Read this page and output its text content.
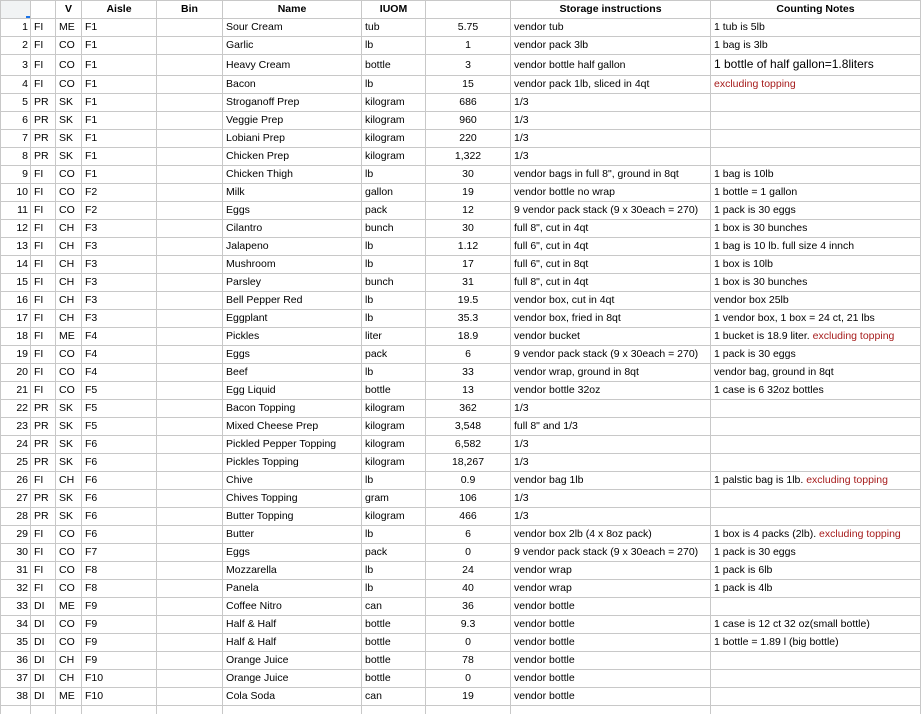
		V	Aisle	Bin	Name	IUOM		Storage instructions	Counting Notes
1	FI	ME	F1		Sour Cream	tub	5.75	vendor tub	1 tub is 5lb
2	FI	CO	F1		Garlic	lb	1	vendor pack 3lb	1 bag is 3lb
3	FI	CO	F1		Heavy Cream	bottle	3	vendor bottle half gallon	1 bottle of half gallon=1.8liters
4	FI	CO	F1		Bacon	lb	15	vendor pack 1lb, sliced in 4qt	excluding topping
5	PR	SK	F1		Stroganoff Prep	kilogram	686	1/3	
6	PR	SK	F1		Veggie Prep	kilogram	960	1/3	
7	PR	SK	F1		Lobiani Prep	kilogram	220	1/3	
8	PR	SK	F1		Chicken Prep	kilogram	1,322	1/3	
9	FI	CO	F1		Chicken Thigh	lb	30	vendor bags in full 8", ground in 8qt	1 bag is 10lb
10	FI	CO	F2		Milk	gallon	19	vendor bottle no wrap	1 bottle = 1 gallon
11	FI	CO	F2		Eggs	pack	12	9 vendor pack stack (9 x 30each = 270)	1 pack is 30 eggs
12	FI	CH	F3		Cilantro	bunch	30	full 8", cut in 4qt	1 box is 30 bunches
13	FI	CH	F3		Jalapeno	lb	1.12	full 6", cut in 4qt	1 bag is 10 lb. full size 4 innch
14	FI	CH	F3		Mushroom	lb	17	full 6", cut in 8qt	1 box is 10lb
15	FI	CH	F3		Parsley	bunch	31	full 8", cut in 4qt	1 box is 30 bunches
16	FI	CH	F3		Bell Pepper Red	lb	19.5	vendor box, cut in 4qt	vendor box 25lb
17	FI	CH	F3		Eggplant	lb	35.3	vendor box, fried in 8qt	1 vendor box, 1 box = 24 ct, 21 lbs
18	FI	ME	F4		Pickles	liter	18.9	vendor bucket	1 bucket is 18.9 liter. excluding topping
19	FI	CO	F4		Eggs	pack	6	9 vendor pack stack (9 x 30each = 270)	1 pack is 30 eggs
20	FI	CO	F4		Beef	lb	33	vendor wrap, ground in 8qt	vendor bag, ground in 8qt
21	FI	CO	F5		Egg Liquid	bottle	13	vendor bottle 32oz	1 case is 6 32oz bottles
22	PR	SK	F5		Bacon Topping	kilogram	362	1/3	
23	PR	SK	F5		Mixed Cheese Prep	kilogram	3,548	full 8" and 1/3	
24	PR	SK	F6		Pickled Pepper Topping	kilogram	6,582	1/3	
25	PR	SK	F6		Pickles Topping	kilogram	18,267	1/3	
26	FI	CH	F6		Chive	lb	0.9	vendor bag 1lb	1 palstic bag is 1lb. excluding topping
27	PR	SK	F6		Chives Topping	gram	106	1/3	
28	PR	SK	F6		Butter Topping	kilogram	466	1/3	
29	FI	CO	F6		Butter	lb	6	vendor box 2lb (4 x 8oz pack)	1 box is 4 packs (2lb). excluding topping
30	FI	CO	F7		Eggs	pack	0	9 vendor pack stack (9 x 30each = 270)	1 pack is 30 eggs
31	FI	CO	F8		Mozzarella	lb	24	vendor wrap	1 pack is 6lb
32	FI	CO	F8		Panela	lb	40	vendor wrap	1 pack is 4lb
33	DI	ME	F9		Coffee Nitro	can	36	vendor bottle	
34	DI	CO	F9		Half & Half	bottle	9.3	vendor bottle	1 case is 12 ct 32 oz(small bottle)
35	DI	CO	F9		Half & Half	bottle	0	vendor bottle	1 bottle = 1.89 l (big bottle)
36	DI	CH	F9		Orange Juice	bottle	78	vendor bottle	
37	DI	CH	F10		Orange Juice	bottle	0	vendor bottle	
38	DI	ME	F10		Cola Soda	can	19	vendor bottle	
